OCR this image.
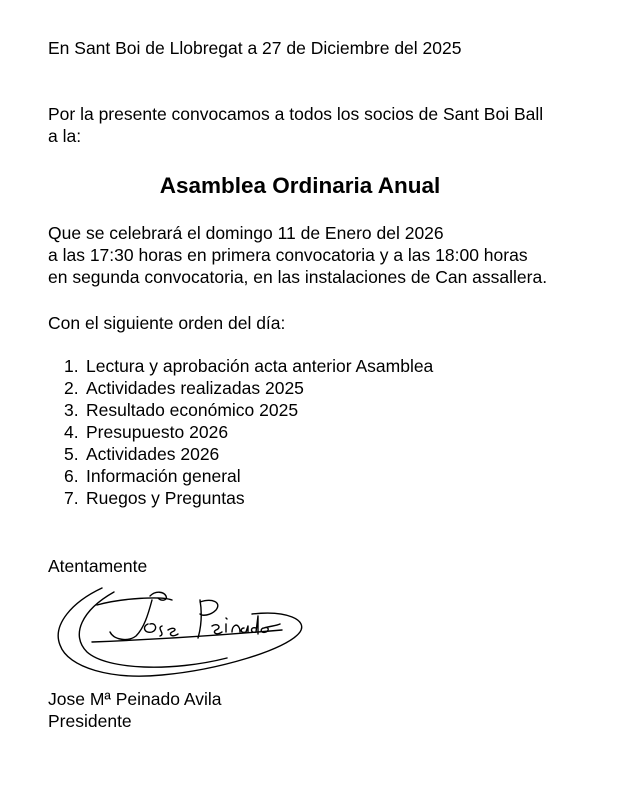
En Sant Boi de Llobregat a 27 de Diciembre del 2025

Por la presente convocamos a todos los socios de Sant Boi Ball
a la:
Asamblea Ordinaria Anual
Que se celebrará el domingo 11 de Enero del 2026
a las 17:30 horas en primera convocatoria y a las 18:00 horas
en segunda convocatoria, en las instalaciones de Can assallera.

Con el siguiente orden del día:

1. Lectura y aprobación acta anterior Asamblea
2. Actividades realizadas 2025
3. Resultado económico 2025
4. Presupuesto 2026
5. Actividades 2026
6. Información general
7. Ruegos y Preguntas

Atentamente

Jose Mª Peinado Avila
Presidente
